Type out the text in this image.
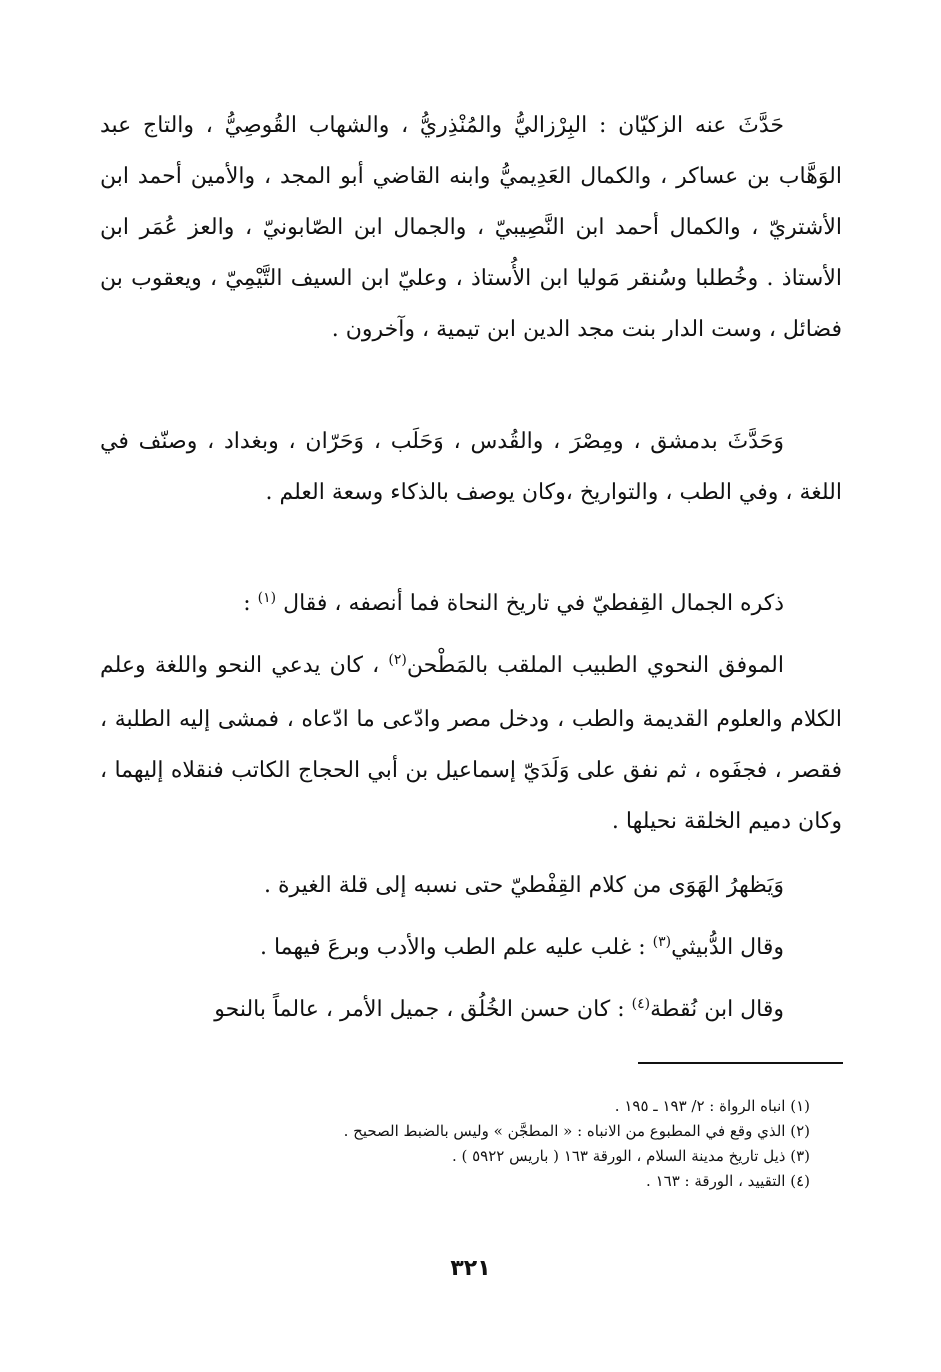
حَدَّثَ عنه الزكيّان : البِرْزاليُّ والمُنْذِريُّ ، والشهاب القُوصِيُّ ، والتاج عبد الوَهَّاب بن عساكر ، والكمال العَدِيميُّ وابنه القاضي أبو المجد ، والأمين أحمد ابن الأشتريّ ، والكمال أحمد ابن النَّصِيبيّ ، والجمال ابن الصّابونيّ ، والعز عُمَر ابن الأستاذ . وخُطلبا وسُنقر مَوليا ابن الأُستاذ ، وعليّ ابن السيف التَّيْمِيّ ، ويعقوب بن فضائل ، وست الدار بنت مجد الدين ابن تيمية ، وآخرون .

وَحَدَّثَ بدمشق ، ومِصْرَ ، والقُدس ، وَحَلَب ، وَحَرّان ، وبغداد ، وصنّف في اللغة ، وفي الطب ، والتواريخ ،وكان يوصف بالذكاء وسعة العلم .

ذكره الجمال القِفطيّ في تاريخ النحاة فما أنصفه ، فقال $^{(١)}$ :

الموفق النحوي الطبيب الملقب بالمَطْحن$^{(٢)}$ ، كان يدعي النحو واللغة وعلم الكلام والعلوم القديمة والطب ، ودخل مصر وادّعى ما ادّعاه ، فمشى إليه الطلبة ، فقصر ، فجفَوه ، ثم نفق على وَلَدَيّ إسماعيل بن أبي الحجاج الكاتب فنقلاه إليهما ، وكان دميم الخلقة نحيلها .

وَيَظهرُ الهَوَى من كلام القِفْطيّ حتى نسبه إلى قلة الغيرة .

وقال الدُّبيثي$^{(٣)}$ : غلب عليه علم الطب والأدب وبرعَ فيهما .

وقال ابن نُقطة$^{(٤)}$ : كان حسن الخُلُق ، جميل الأمر ، عالماً بالنحو

(١) انباه الرواة : ٢/ ١٩٣ ـ ١٩٥ .

(٢) الذي وقع في المطبوع من الانباه : « المطجَّن » وليس بالضبط الصحيح .

(٣) ذيل تاريخ مدينة السلام ، الورقة ١٦٣ ( باريس ٥٩٢٢ ) .

(٤) التقييد ، الورقة : ١٦٣ .

٣٢١
